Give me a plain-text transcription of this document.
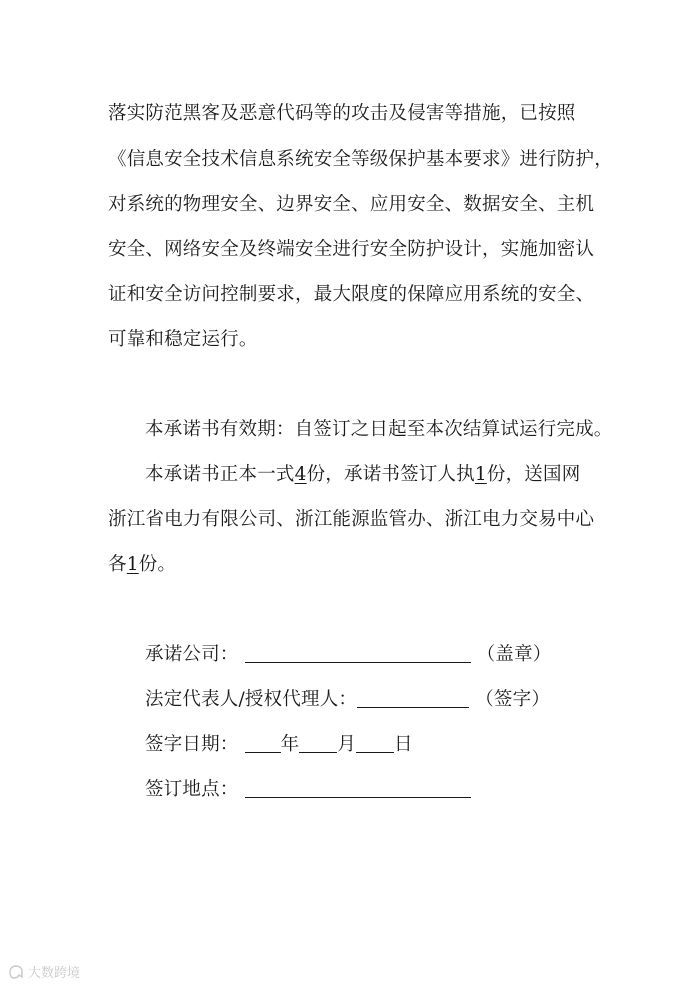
落实防范黑客及恶意代码等的攻击及侵害等措施，已按照
《信息安全技术信息系统安全等级保护基本要求》进行防护，
对系统的物理安全、边界安全、应用安全、数据安全、主机
安全、网络安全及终端安全进行安全防护设计，实施加密认
证和安全访问控制要求，最大限度的保障应用系统的安全、
可靠和稳定运行。
本承诺书有效期：自签订之日起至本次结算试运行完成。
本承诺书正本一式4份，承诺书签订人执1份，送国网
浙江省电力有限公司、浙江能源监管办、浙江电力交易中心
各1份。
承诺公司：	（盖章）
法定代表人/授权代理人：	（签字）
签字日期： 年 月 日
签订地点：
大数跨境
